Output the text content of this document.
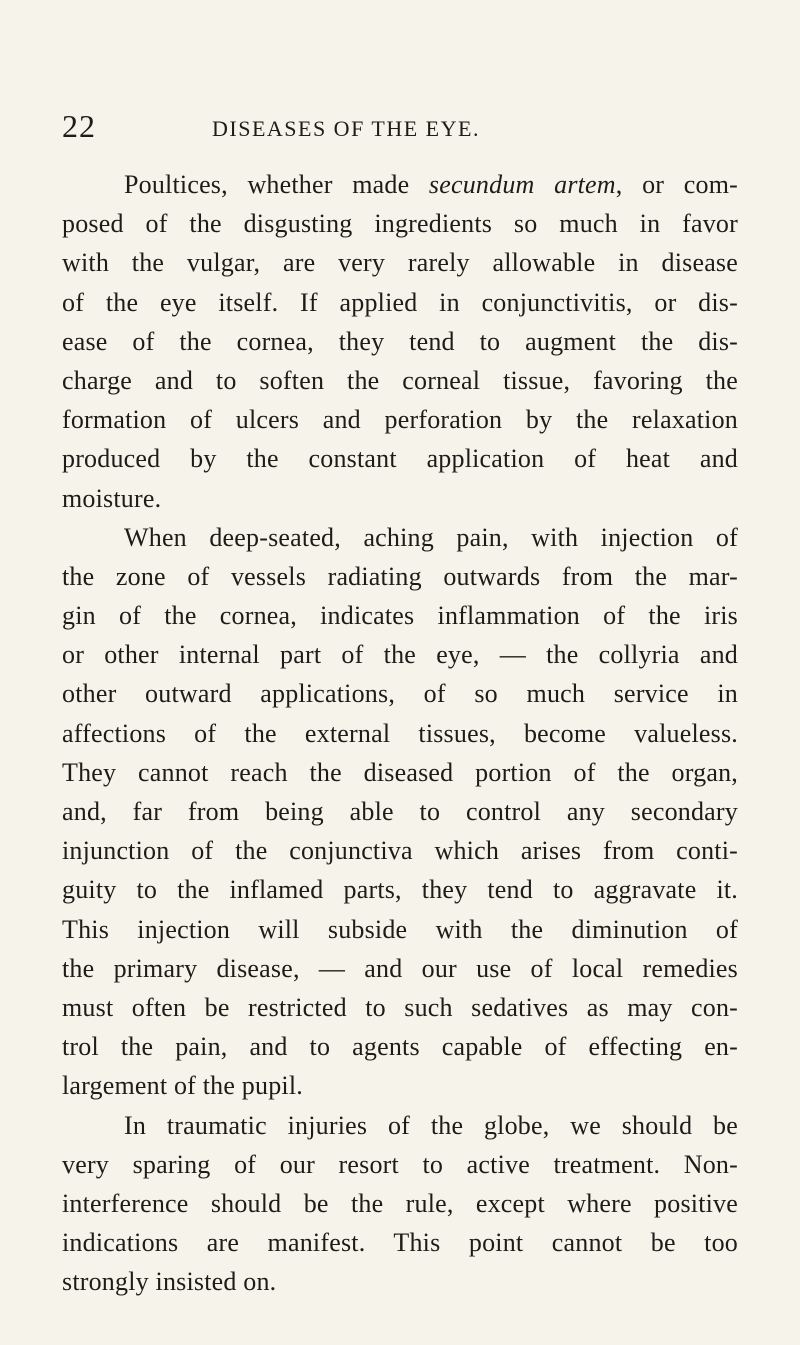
22	DISEASES OF THE EYE.
Poultices, whether made secundum artem, or com-
posed of the disgusting ingredients so much in favor
with the vulgar, are very rarely allowable in disease
of the eye itself. If applied in conjunctivitis, or dis-
ease of the cornea, they tend to augment the dis-
charge and to soften the corneal tissue, favoring the
formation of ulcers and perforation by the relaxation
produced by the constant application of heat and
moisture.
When deep-seated, aching pain, with injection of
the zone of vessels radiating outwards from the mar-
gin of the cornea, indicates inflammation of the iris
or other internal part of the eye, — the collyria and
other outward applications, of so much service in
affections of the external tissues, become valueless.
They cannot reach the diseased portion of the organ,
and, far from being able to control any secondary
injunction of the conjunctiva which arises from conti-
guity to the inflamed parts, they tend to aggravate it.
This injection will subside with the diminution of
the primary disease, — and our use of local remedies
must often be restricted to such sedatives as may con-
trol the pain, and to agents capable of effecting en-
largement of the pupil.
In traumatic injuries of the globe, we should be
very sparing of our resort to active treatment. Non-
interference should be the rule, except where positive
indications are manifest. This point cannot be too
strongly insisted on.
